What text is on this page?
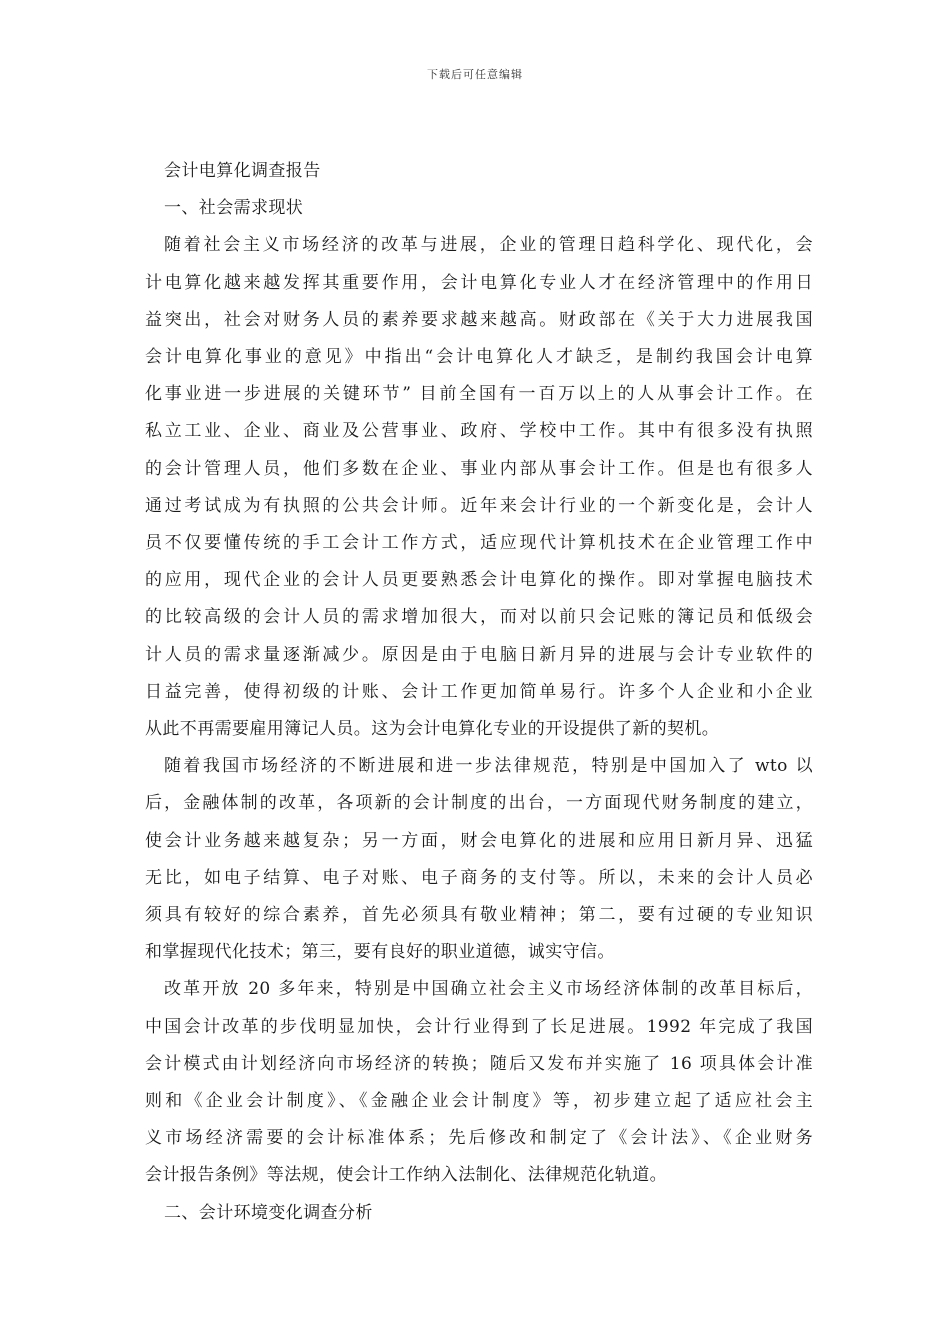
下载后可任意编辑
会计电算化调查报告
一、社会需求现状
随着社会主义市场经济的改革与进展，企业的管理日趋科学化、现代化，会
计电算化越来越发挥其重要作用，会计电算化专业人才在经济管理中的作用日
益突出，社会对财务人员的素养要求越来越高。财政部在《关于大力进展我国
会计电算化事业的意见》中指出“会计电算化人才缺乏，是制约我国会计电算
化事业进一步进展的关键环节” 目前全国有一百万以上的人从事会计工作。在
私立工业、企业、商业及公营事业、政府、学校中工作。其中有很多没有执照
的会计管理人员，他们多数在企业、事业内部从事会计工作。但是也有很多人
通过考试成为有执照的公共会计师。近年来会计行业的一个新变化是，会计人
员不仅要懂传统的手工会计工作方式，适应现代计算机技术在企业管理工作中
的应用，现代企业的会计人员更要熟悉会计电算化的操作。即对掌握电脑技术
的比较高级的会计人员的需求增加很大，而对以前只会记账的簿记员和低级会
计人员的需求量逐渐减少。原因是由于电脑日新月异的进展与会计专业软件的
日益完善，使得初级的计账、会计工作更加简单易行。许多个人企业和小企业
从此不再需要雇用簿记人员。这为会计电算化专业的开设提供了新的契机。
随着我国市场经济的不断进展和进一步法律规范，特别是中国加入了 wto 以
后，金融体制的改革，各项新的会计制度的出台，一方面现代财务制度的建立，
使会计业务越来越复杂；另一方面，财会电算化的进展和应用日新月异、迅猛
无比，如电子结算、电子对账、电子商务的支付等。所以，未来的会计人员必
须具有较好的综合素养，首先必须具有敬业精神；第二，要有过硬的专业知识
和掌握现代化技术；第三，要有良好的职业道德，诚实守信。
改革开放 20 多年来，特别是中国确立社会主义市场经济体制的改革目标后，
中国会计改革的步伐明显加快，会计行业得到了长足进展。1992 年完成了我国
会计模式由计划经济向市场经济的转换；随后又发布并实施了 16 项具体会计准
则和《企业会计制度》、《金融企业会计制度》等，初步建立起了适应社会主
义市场经济需要的会计标准体系；先后修改和制定了《会计法》、《企业财务
会计报告条例》等法规，使会计工作纳入法制化、法律规范化轨道。
二、会计环境变化调查分析
